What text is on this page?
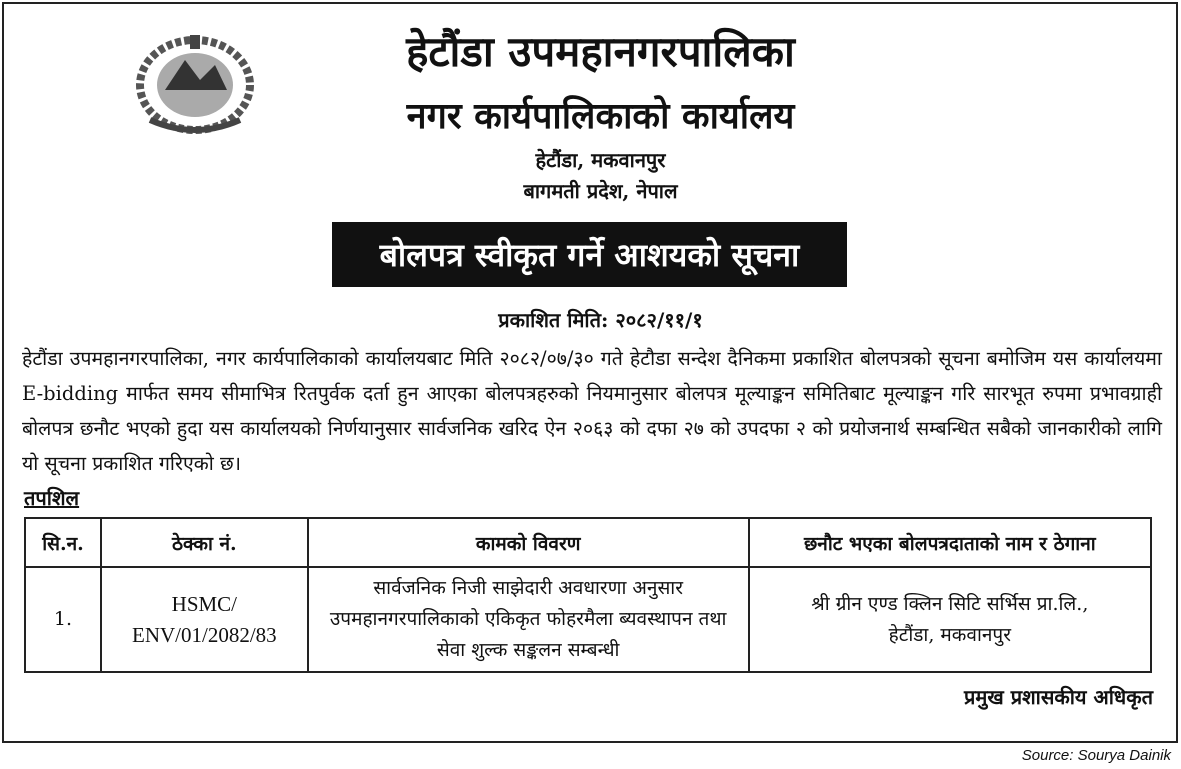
हेटौंडा उपमहानगरपालिका
नगर कार्यपालिकाको कार्यालय
हेटौंडा, मकवानपुर
बागमती प्रदेश, नेपाल
बोलपत्र स्वीकृत गर्ने आशयको सूचना
प्रकाशित मिति: २०८२/११/१
हेटौंडा उपमहानगरपालिका, नगर कार्यपालिकाको कार्यालयबाट मिति २०८२/०७/३० गते हेटौडा सन्देश दैनिकमा प्रकाशित बोलपत्रको सूचना बमोजिम यस कार्यालयमा E-bidding मार्फत समय सीमाभित्र रितपुर्वक दर्ता हुन आएका बोलपत्रहरुको नियमानुसार बोलपत्र मूल्याङ्कन समितिबाट मूल्याङ्कन गरि सारभूत रुपमा प्रभावग्राही बोलपत्र छनौट भएको हुदा यस कार्यालयको निर्णयानुसार सार्वजनिक खरिद ऐन २०६३ को दफा २७ को उपदफा २ को प्रयोजनार्थ सम्बन्धित सबैको जानकारीको लागि यो सूचना प्रकाशित गरिएको छ।
तपशिल
सि.न.	ठेक्का नं.	कामको विवरण	छनौट भएका बोलपत्रदाताको नाम र ठेगाना
1.	HSMC/ ENV/01/2082/83	सार्वजनिक निजी साझेदारी अवधारणा अनुसार उपमहानगरपालिकाको एकिकृत फोहरमैला ब्यवस्थापन तथा सेवा शुल्क सङ्कलन सम्बन्धी	श्री ग्रीन एण्ड क्लिन सिटि सर्भिस प्रा.लि., हेटौंडा, मकवानपुर
प्रमुख प्रशासकीय अधिकृत
Source: Sourya Dainik
